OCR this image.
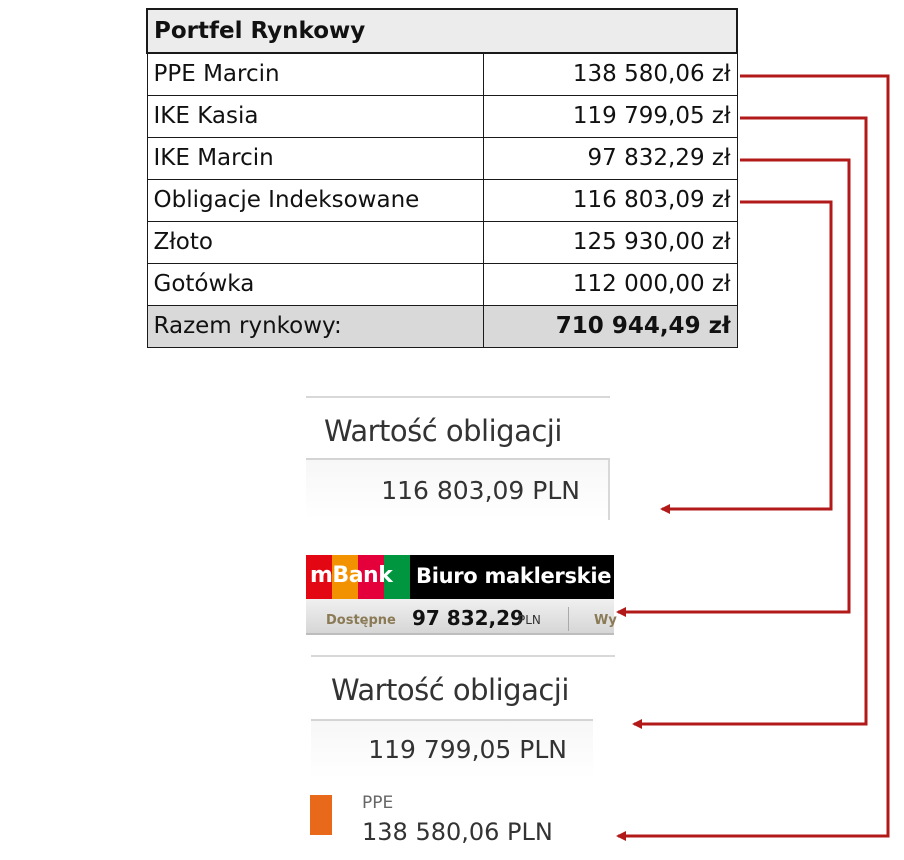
Portfel Rynkowy	
PPE Marcin	138 580,06 zł
IKE Kasia	119 799,05 zł
IKE Marcin	97 832,29 zł
Obligacje Indeksowane	116 803,09 zł
Złoto	125 930,00 zł
Gotówka	112 000,00 zł
Razem rynkowy:	710 944,49 zł
Wartość obligacji
116 803,09 PLN
mBank Biuro maklerskie
Dostępne 97 832,29
PLN	Wy
Wartość obligacji
119 799,05 PLN
PPE
138 580,06 PLN
